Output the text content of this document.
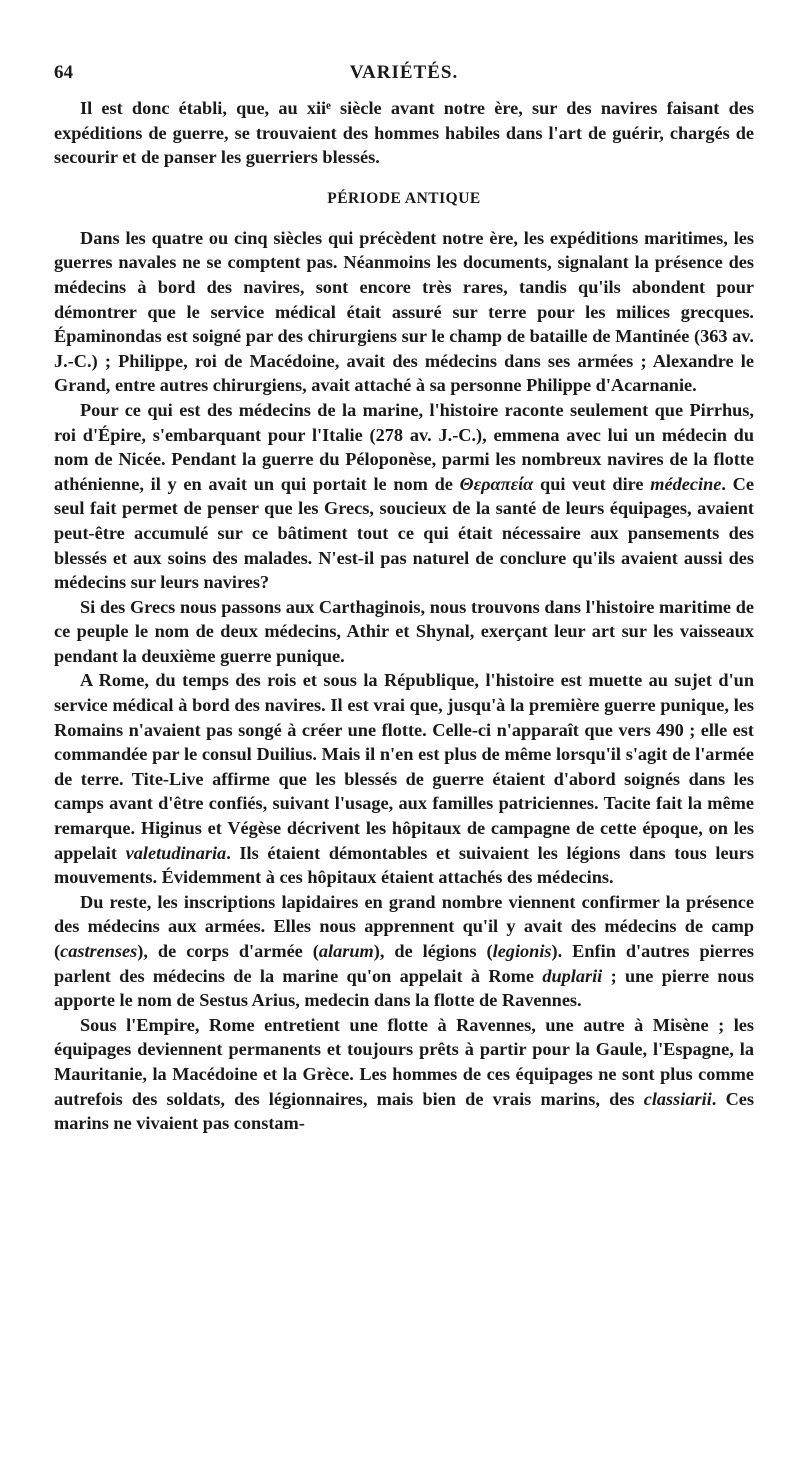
64	VARIÉTÉS.

Il est donc établi, que, au xiiᵉ siècle avant notre ère, sur des navires faisant des expéditions de guerre, se trouvaient des hommes habiles dans l'art de guérir, chargés de secourir et de panser les guerriers blessés.

PÉRIODE ANTIQUE

Dans les quatre ou cinq siècles qui précèdent notre ère, les expéditions maritimes, les guerres navales ne se comptent pas. Néanmoins les documents, signalant la présence des médecins à bord des navires, sont encore très rares, tandis qu'ils abondent pour démontrer que le service médical était assuré sur terre pour les milices grecques. Épaminondas est soigné par des chirurgiens sur le champ de bataille de Mantinée (363 av. J.-C.) ; Philippe, roi de Macédoine, avait des médecins dans ses armées ; Alexandre le Grand, entre autres chirurgiens, avait attaché à sa personne Philippe d'Acarnanie.

Pour ce qui est des médecins de la marine, l'histoire raconte seulement que Pirrhus, roi d'Épire, s'embarquant pour l'Italie (278 av. J.-C.), emmena avec lui un médecin du nom de Nicée. Pendant la guerre du Péloponèse, parmi les nombreux navires de la flotte athénienne, il y en avait un qui portait le nom de Θεραπεία qui veut dire médecine. Ce seul fait permet de penser que les Grecs, soucieux de la santé de leurs équipages, avaient peut-être accumulé sur ce bâtiment tout ce qui était nécessaire aux pansements des blessés et aux soins des malades. N'est-il pas naturel de conclure qu'ils avaient aussi des médecins sur leurs navires?

Si des Grecs nous passons aux Carthaginois, nous trouvons dans l'histoire maritime de ce peuple le nom de deux médecins, Athir et Shynal, exerçant leur art sur les vaisseaux pendant la deuxième guerre punique.

A Rome, du temps des rois et sous la République, l'histoire est muette au sujet d'un service médical à bord des navires. Il est vrai que, jusqu'à la première guerre punique, les Romains n'avaient pas songé à créer une flotte. Celle-ci n'apparaît que vers 490 ; elle est commandée par le consul Duilius. Mais il n'en est plus de même lorsqu'il s'agit de l'armée de terre. Tite-Live affirme que les blessés de guerre étaient d'abord soignés dans les camps avant d'être confiés, suivant l'usage, aux familles patriciennes. Tacite fait la même remarque. Higinus et Végèse décrivent les hôpitaux de campagne de cette époque, on les appelait valetudinaria. Ils étaient démontables et suivaient les légions dans tous leurs mouvements. Évidemment à ces hôpitaux étaient attachés des médecins.

Du reste, les inscriptions lapidaires en grand nombre viennent confirmer la présence des médecins aux armées. Elles nous apprennent qu'il y avait des médecins de camp (castrenses), de corps d'armée (alarum), de légions (legionis). Enfin d'autres pierres parlent des médecins de la marine qu'on appelait à Rome duplarii ; une pierre nous apporte le nom de Sestus Arius, medecin dans la flotte de Ravennes.

Sous l'Empire, Rome entretient une flotte à Ravennes, une autre à Misène ; les équipages deviennent permanents et toujours prêts à partir pour la Gaule, l'Espagne, la Mauritanie, la Macédoine et la Grèce. Les hommes de ces équipages ne sont plus comme autrefois des soldats, des légionnaires, mais bien de vrais marins, des classiarii. Ces marins ne vivaient pas constam-
